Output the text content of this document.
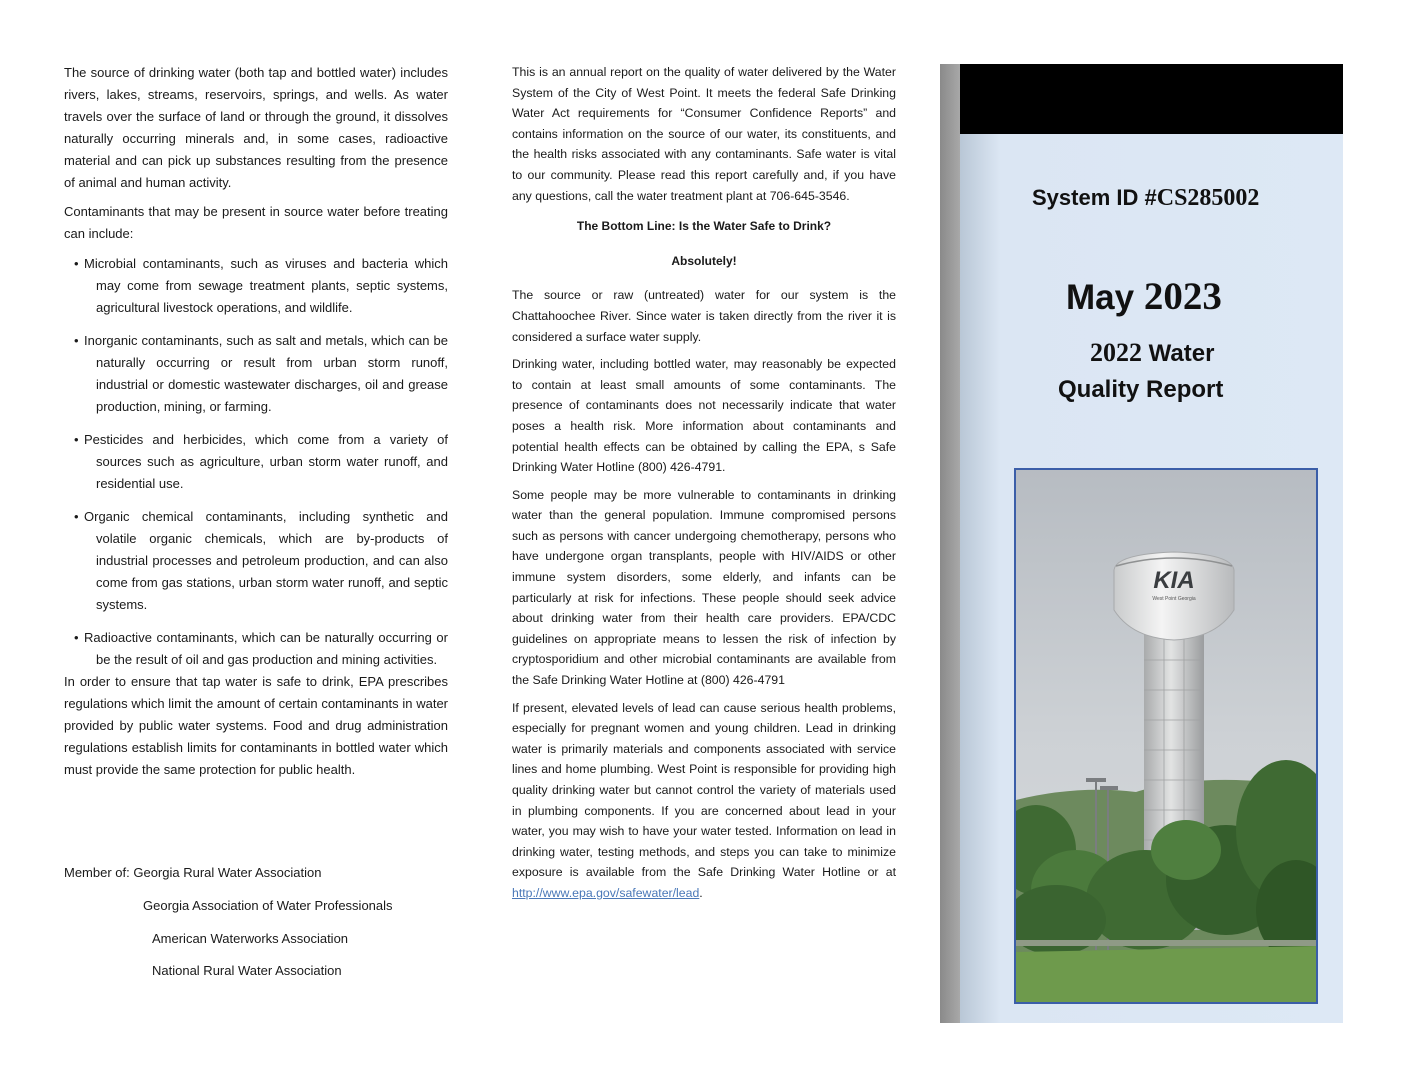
The source of drinking water (both tap and bottled water) includes rivers, lakes, streams, reservoirs, springs, and wells. As water travels over the surface of land or through the ground, it dissolves naturally occurring minerals and, in some cases, radioactive material and can pick up substances resulting from the presence of animal and human activity.

Contaminants that may be present in source water before treating can include:

• Microbial contaminants, such as viruses and bacteria which may come from sewage treatment plants, septic systems, agricultural livestock operations, and wildlife.
• Inorganic contaminants, such as salt and metals, which can be naturally occurring or result from urban storm runoff, industrial or domestic wastewater discharges, oil and grease production, mining, or farming.
• Pesticides and herbicides, which come from a variety of sources such as agriculture, urban storm water runoff, and residential use.
• Organic chemical contaminants, including synthetic and volatile organic chemicals, which are by-products of industrial processes and petroleum production, and can also come from gas stations, urban storm water runoff, and septic systems.
• Radioactive contaminants, which can be naturally occurring or be the result of oil and gas production and mining activities.

In order to ensure that tap water is safe to drink, EPA prescribes regulations which limit the amount of certain contaminants in water provided by public water systems. Food and drug administration regulations establish limits for contaminants in bottled water which must provide the same protection for public health.

Member of: Georgia Rural Water Association
Georgia Association of Water Professionals
American Waterworks Association
National Rural Water Association

This is an annual report on the quality of water delivered by the Water System of the City of West Point. It meets the federal Safe Drinking Water Act requirements for “Consumer Confidence Reports” and contains information on the source of our water, its constituents, and the health risks associated with any contaminants. Safe water is vital to our community. Please read this report carefully and, if you have any questions, call the water treatment plant at 706-645-3546.

The Bottom Line: Is the Water Safe to Drink?

Absolutely!

The source or raw (untreated) water for our system is the Chattahoochee River. Since water is taken directly from the river it is considered a surface water supply.

Drinking water, including bottled water, may reasonably be expected to contain at least small amounts of some contaminants. The presence of contaminants does not necessarily indicate that water poses a health risk. More information about contaminants and potential health effects can be obtained by calling the EPA, s Safe Drinking Water Hotline (800) 426-4791.

Some people may be more vulnerable to contaminants in drinking water than the general population. Immune compromised persons such as persons with cancer undergoing chemotherapy, persons who have undergone organ transplants, people with HIV/AIDS or other immune system disorders, some elderly, and infants can be particularly at risk for infections. These people should seek advice about drinking water from their health care providers. EPA/CDC guidelines on appropriate means to lessen the risk of infection by cryptosporidium and other microbial contaminants are available from the Safe Drinking Water Hotline at (800) 426-4791

If present, elevated levels of lead can cause serious health problems, especially for pregnant women and young children. Lead in drinking water is primarily materials and components associated with service lines and home plumbing. West Point is responsible for providing high quality drinking water but cannot control the variety of materials used in plumbing components. If you are concerned about lead in your water, you may wish to have your water tested. Information on lead in drinking water, testing methods, and steps you can take to minimize exposure is available from the Safe Drinking Water Hotline or at http://www.epa.gov/safewater/lead.

System ID #CS285002
May 2023
2022 Water
Quality Report
KIA
West Point Georgia
